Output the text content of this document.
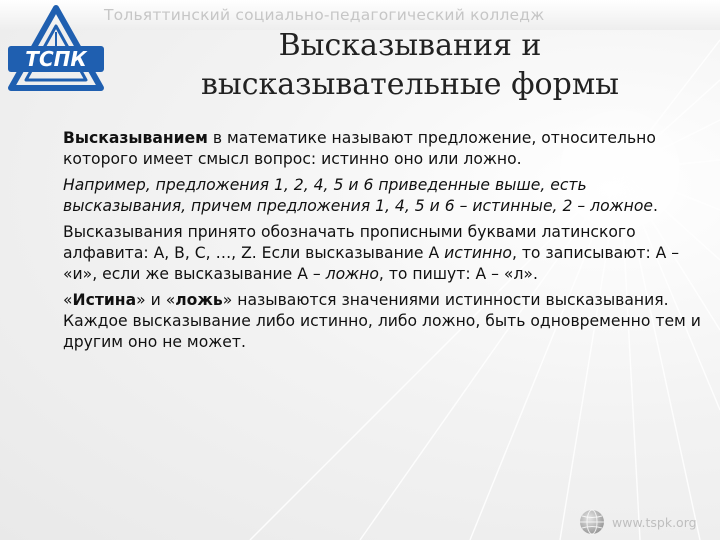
TCПК
Тольяттинский социально-педагогический колледж
Высказывания и
высказывательные формы

Высказыванием в математике называют предложение, относительно которого имеет смысл вопрос: истинно оно или ложно.

Например, предложения 1, 2, 4, 5 и 6 приведенные выше, есть высказывания, причем предложения 1, 4, 5 и 6 – истинные, 2 – ложное.

Высказывания принято обозначать прописными буквами латинского алфавита: A, B, C, …, Z. Если высказывание А истинно, то записывают: А – «и», если же высказывание А – ложно, то пишут: А – «л».

«Истина» и «ложь» называются значениями истинности высказывания. Каждое высказывание либо истинно, либо ложно, быть одновременно тем и другим оно не может.

www.tspk.org
